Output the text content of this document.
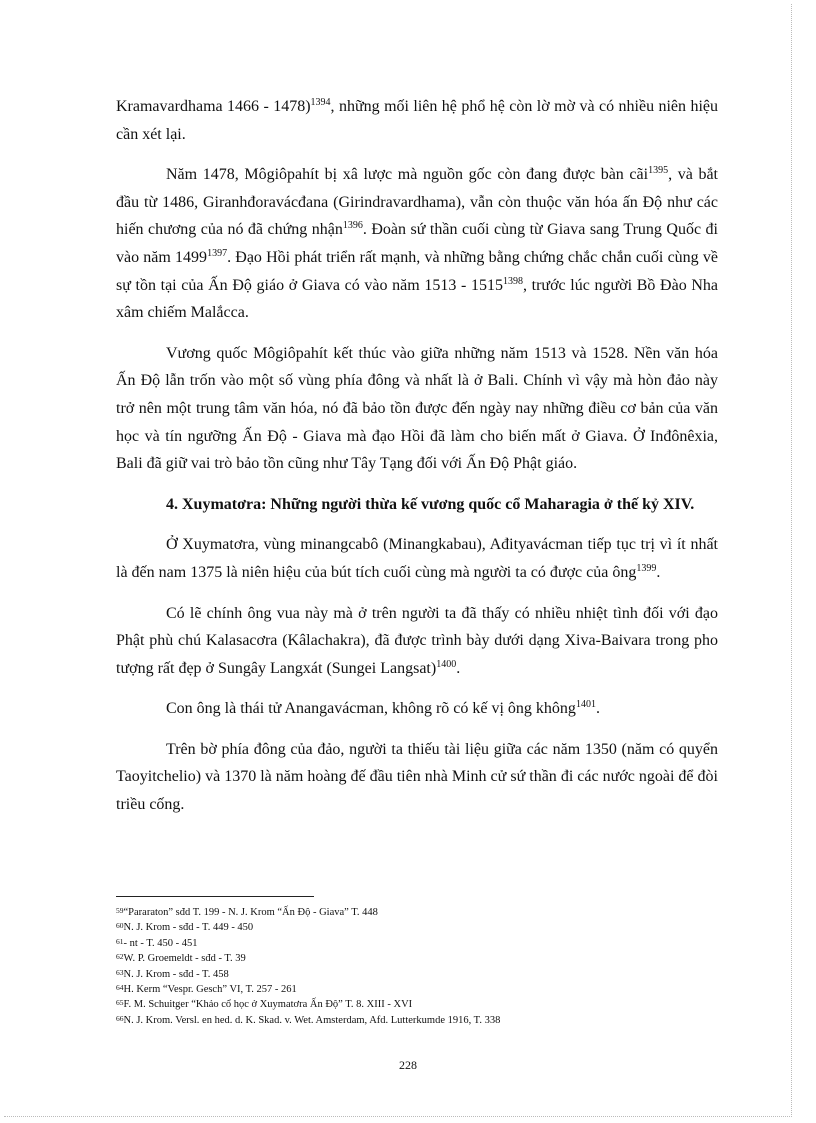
Kramavardhama 1466 - 1478)$^{1394}$, những mối liên hệ phổ hệ còn lờ mờ và có nhiều niên hiệu cần xét lại.

Năm 1478, Môgiôpahít bị xâ lược mà nguồn gốc còn đang được bàn cãi$^{1395}$, và bắt đầu từ 1486, Giranhđoravácđana (Girindravardhama), vẫn còn thuộc văn hóa ấn Độ như các hiến chương của nó đã chứng nhận$^{1396}$. Đoàn sứ thần cuối cùng từ Giava sang Trung Quốc đi vào năm $1499^{1397}$. Đạo Hồi phát triển rất mạnh, và những bằng chứng chắc chắn cuối cùng về sự tồn tại của Ấn Độ giáo ở Giava có vào năm $1513 - 1515^{1398}$, trước lúc người Bồ Đào Nha xâm chiếm Malắcca.

Vương quốc Môgiôpahít kết thúc vào giữa những năm 1513 và 1528. Nền văn hóa Ấn Độ lẫn trốn vào một số vùng phía đông và nhất là ở Bali. Chính vì vậy mà hòn đảo này trở nên một trung tâm văn hóa, nó đã bảo tồn được đến ngày nay những điều cơ bản của văn học và tín ngưỡng Ấn Độ - Giava mà đạo Hồi đã làm cho biến mất ở Giava. Ở Inđônêxia, Bali đã giữ vai trò bảo tồn cũng như Tây Tạng đối với Ấn Độ Phật giáo.

4. Xuymatơra: Những người thừa kế vương quốc cổ Maharagia ở thế kỷ XIV.

Ở Xuymatơra, vùng minangcabô (Minangkabau), Ađityavácman tiếp tục trị vì ít nhất là đến nam 1375 là niên hiệu của bút tích cuối cùng mà người ta có được của ông$^{1399}$.

Có lẽ chính ông vua này mà ở trên người ta đã thấy có nhiều nhiệt tình đối với đạo Phật phù chú Kalasacơra (Kâlachakra), đã được trình bày dưới dạng Xiva-Baivara trong pho tượng rất đẹp ở Sungây Langxát (Sungei Langsat)$^{1400}$.

Con ông là thái tử Anangavácman, không rõ có kế vị ông không$^{1401}$.

Trên bờ phía đông của đảo, người ta thiếu tài liệu giữa các năm 1350 (năm có quyển Taoyitchelio) và 1370 là năm hoàng đế đầu tiên nhà Minh cử sứ thần đi các nước ngoài để đòi triều cống.

59“Pararaton” sđd T. 199 - N. J. Krom “Ấn Độ - Giava” T. 448
60N. J. Krom - sđd - T. 449 - 450
61- nt - T. 450 - 451
62W. P. Groemeldt - sđd - T. 39
63N. J. Krom - sđd - T. 458
64H. Kerm “Vespr. Gesch” VI, T. 257 - 261
65F. M. Schuitger “Khảo cổ học ở Xuymatơra Ấn Độ” T. 8. XIII - XVI
66N. J. Krom. Versl. en hed. d. K. Skad. v. Wet. Amsterdam, Afd. Lutterkumde 1916, T. 338
228
